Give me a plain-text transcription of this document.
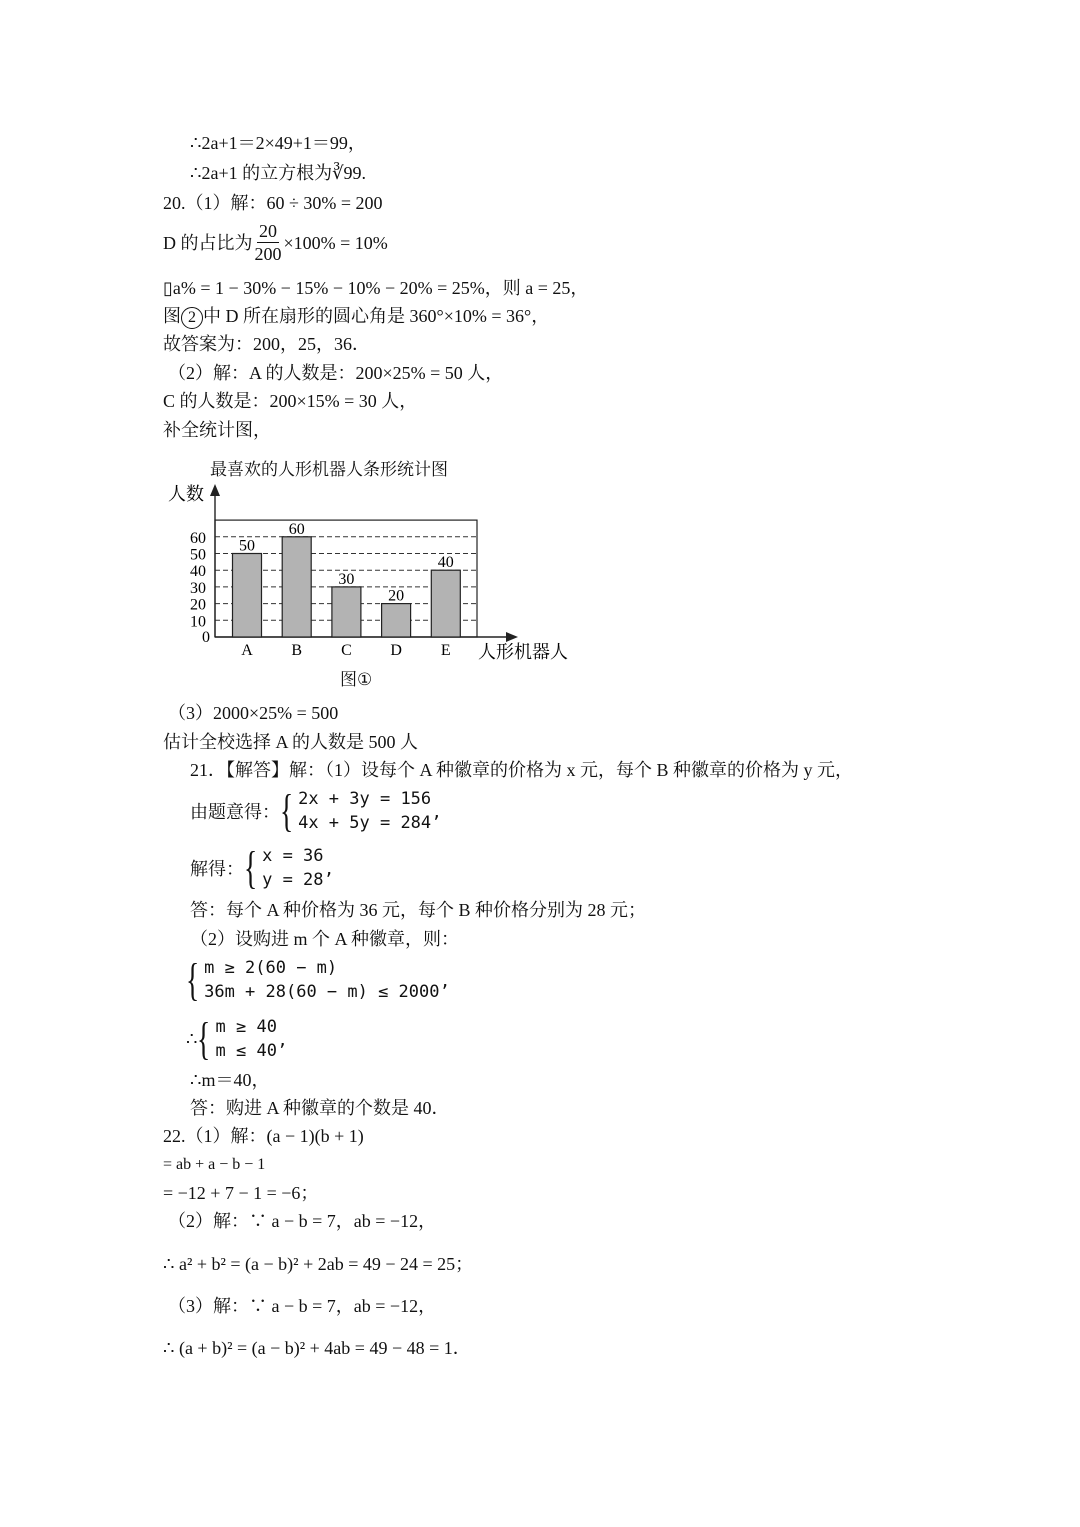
∴2a+1＝2×49+1＝99，
∴2a+1 的立方根为∛99.
20.（1）解：60 ÷ 30% = 200
D 的占比为 $\frac{20}{200} \times 100\% = 10\%$
▯a% = 1 − 30% − 15% − 10% − 20% = 25%，则 a = 25，
图 2 中 D 所在扇形的圆心角是 360°×10% = 36°，
故答案为：200，25，36．
（2）解：A 的人数是：200×25% = 50 人，
C 的人数是：200×15% = 30 人，
补全统计图，
最喜欢的人形机器人条形统计图
人数
人形机器人
0
10
20
30
40
50
60 50
A
60
B
30
C
20
D
40
E
图①
（3）2000×25% = 500
估计全校选择 A 的人数是 500 人
21．【解答】解：（1）设每个 A 种徽章的价格为 x 元，每个 B 种徽章的价格为 y 元，
由题意得： { 2x + 3y = 156
4x + 5y = 284’
解得： { x = 36
y = 28’
答：每个 A 种价格为 36 元，每个 B 种价格分别为 28 元；
（2）设购进 m 个 A 种徽章，则：
{ m ≥ 2(60 − m)
36m + 28(60 − m) ≤ 2000’
∴ { m ≥ 40
m ≤ 40’
∴m＝40，
答：购进 A 种徽章的个数是 40．
22.（1）解：(a − 1)(b + 1)
= ab + a − b − 1
= −12 + 7 − 1 = −6；
（2）解：∵ a − b = 7，ab = −12，
∴ a² + b² = (a − b)² + 2ab = 49 − 24 = 25；
（3）解：∵ a − b = 7，ab = −12，
∴ (a + b)² = (a − b)² + 4ab = 49 − 48 = 1．
